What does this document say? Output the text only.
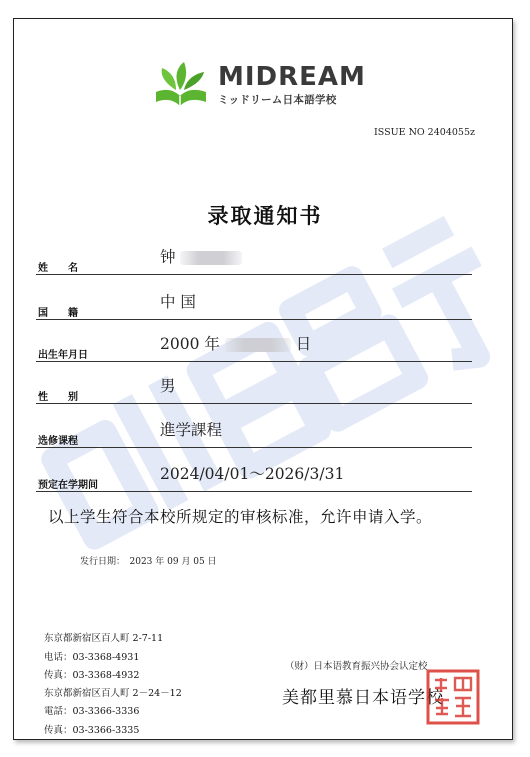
MIDREAM
ミッドリーム日本語学校
ISSUE NO 2404055z
录取通知书
姓　　名
钟
国　　籍
中 国
出生年月日
2000 年	日
性　　别
男
选修课程
進学課程
预定在学期间
2024/04/01～2026/3/31
以上学生符合本校所规定的审核标准，允许申请入学。
发行日期：　2023 年 09 月 05 日
东京都新宿区百人町 2-7-11
电话：03-3368-4931
传真：03-3368-4932
东京都新宿区百人町 2－24－12
電話：03-3366-3336
传真：03-3366-3335
（财）日本语教育振兴协会认定校
美都里慕日本语学校
